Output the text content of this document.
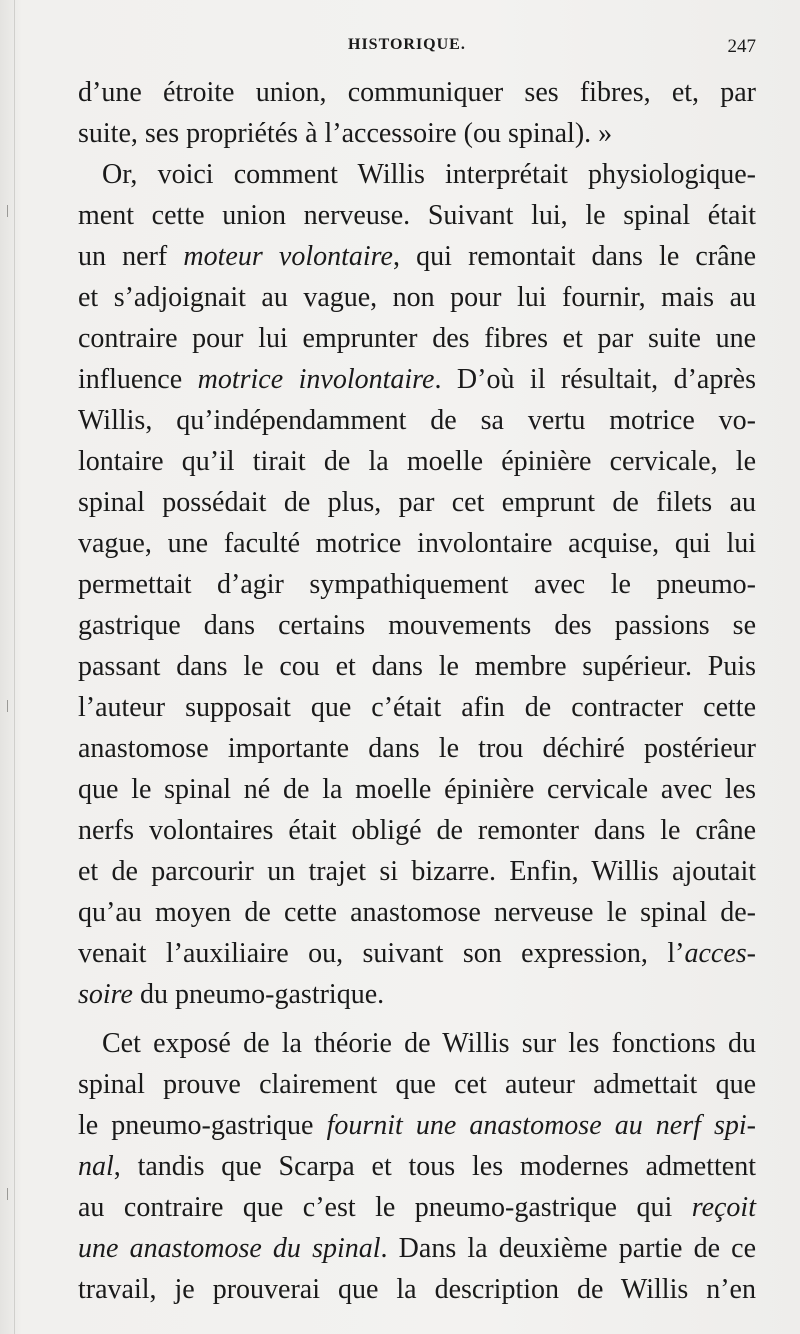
HISTORIQUE.	247
d’une étroite union, communiquer ses fibres, et, par
suite, ses propriétés à l’accessoire (ou spinal). »
Or, voici comment Willis interprétait physiologique-
ment cette union nerveuse. Suivant lui, le spinal était
un nerf moteur volontaire, qui remontait dans le crâne
et s’adjoignait au vague, non pour lui fournir, mais au
contraire pour lui emprunter des fibres et par suite une
influence motrice involontaire. D’où il résultait, d’après
Willis, qu’indépendamment de sa vertu motrice vo-
lontaire qu’il tirait de la moelle épinière cervicale, le
spinal possédait de plus, par cet emprunt de filets au
vague, une faculté motrice involontaire acquise, qui lui
permettait d’agir sympathiquement avec le pneumo-
gastrique dans certains mouvements des passions se
passant dans le cou et dans le membre supérieur. Puis
l’auteur supposait que c’était afin de contracter cette
anastomose importante dans le trou déchiré postérieur
que le spinal né de la moelle épinière cervicale avec les
nerfs volontaires était obligé de remonter dans le crâne
et de parcourir un trajet si bizarre. Enfin, Willis ajoutait
qu’au moyen de cette anastomose nerveuse le spinal de-
venait l’auxiliaire ou, suivant son expression, l’acces-
soire du pneumo-gastrique.
Cet exposé de la théorie de Willis sur les fonctions du
spinal prouve clairement que cet auteur admettait que
le pneumo-gastrique fournit une anastomose au nerf spi-
nal, tandis que Scarpa et tous les modernes admettent
au contraire que c’est le pneumo-gastrique qui reçoit
une anastomose du spinal. Dans la deuxième partie de ce
travail, je prouverai que la description de Willis n’en
